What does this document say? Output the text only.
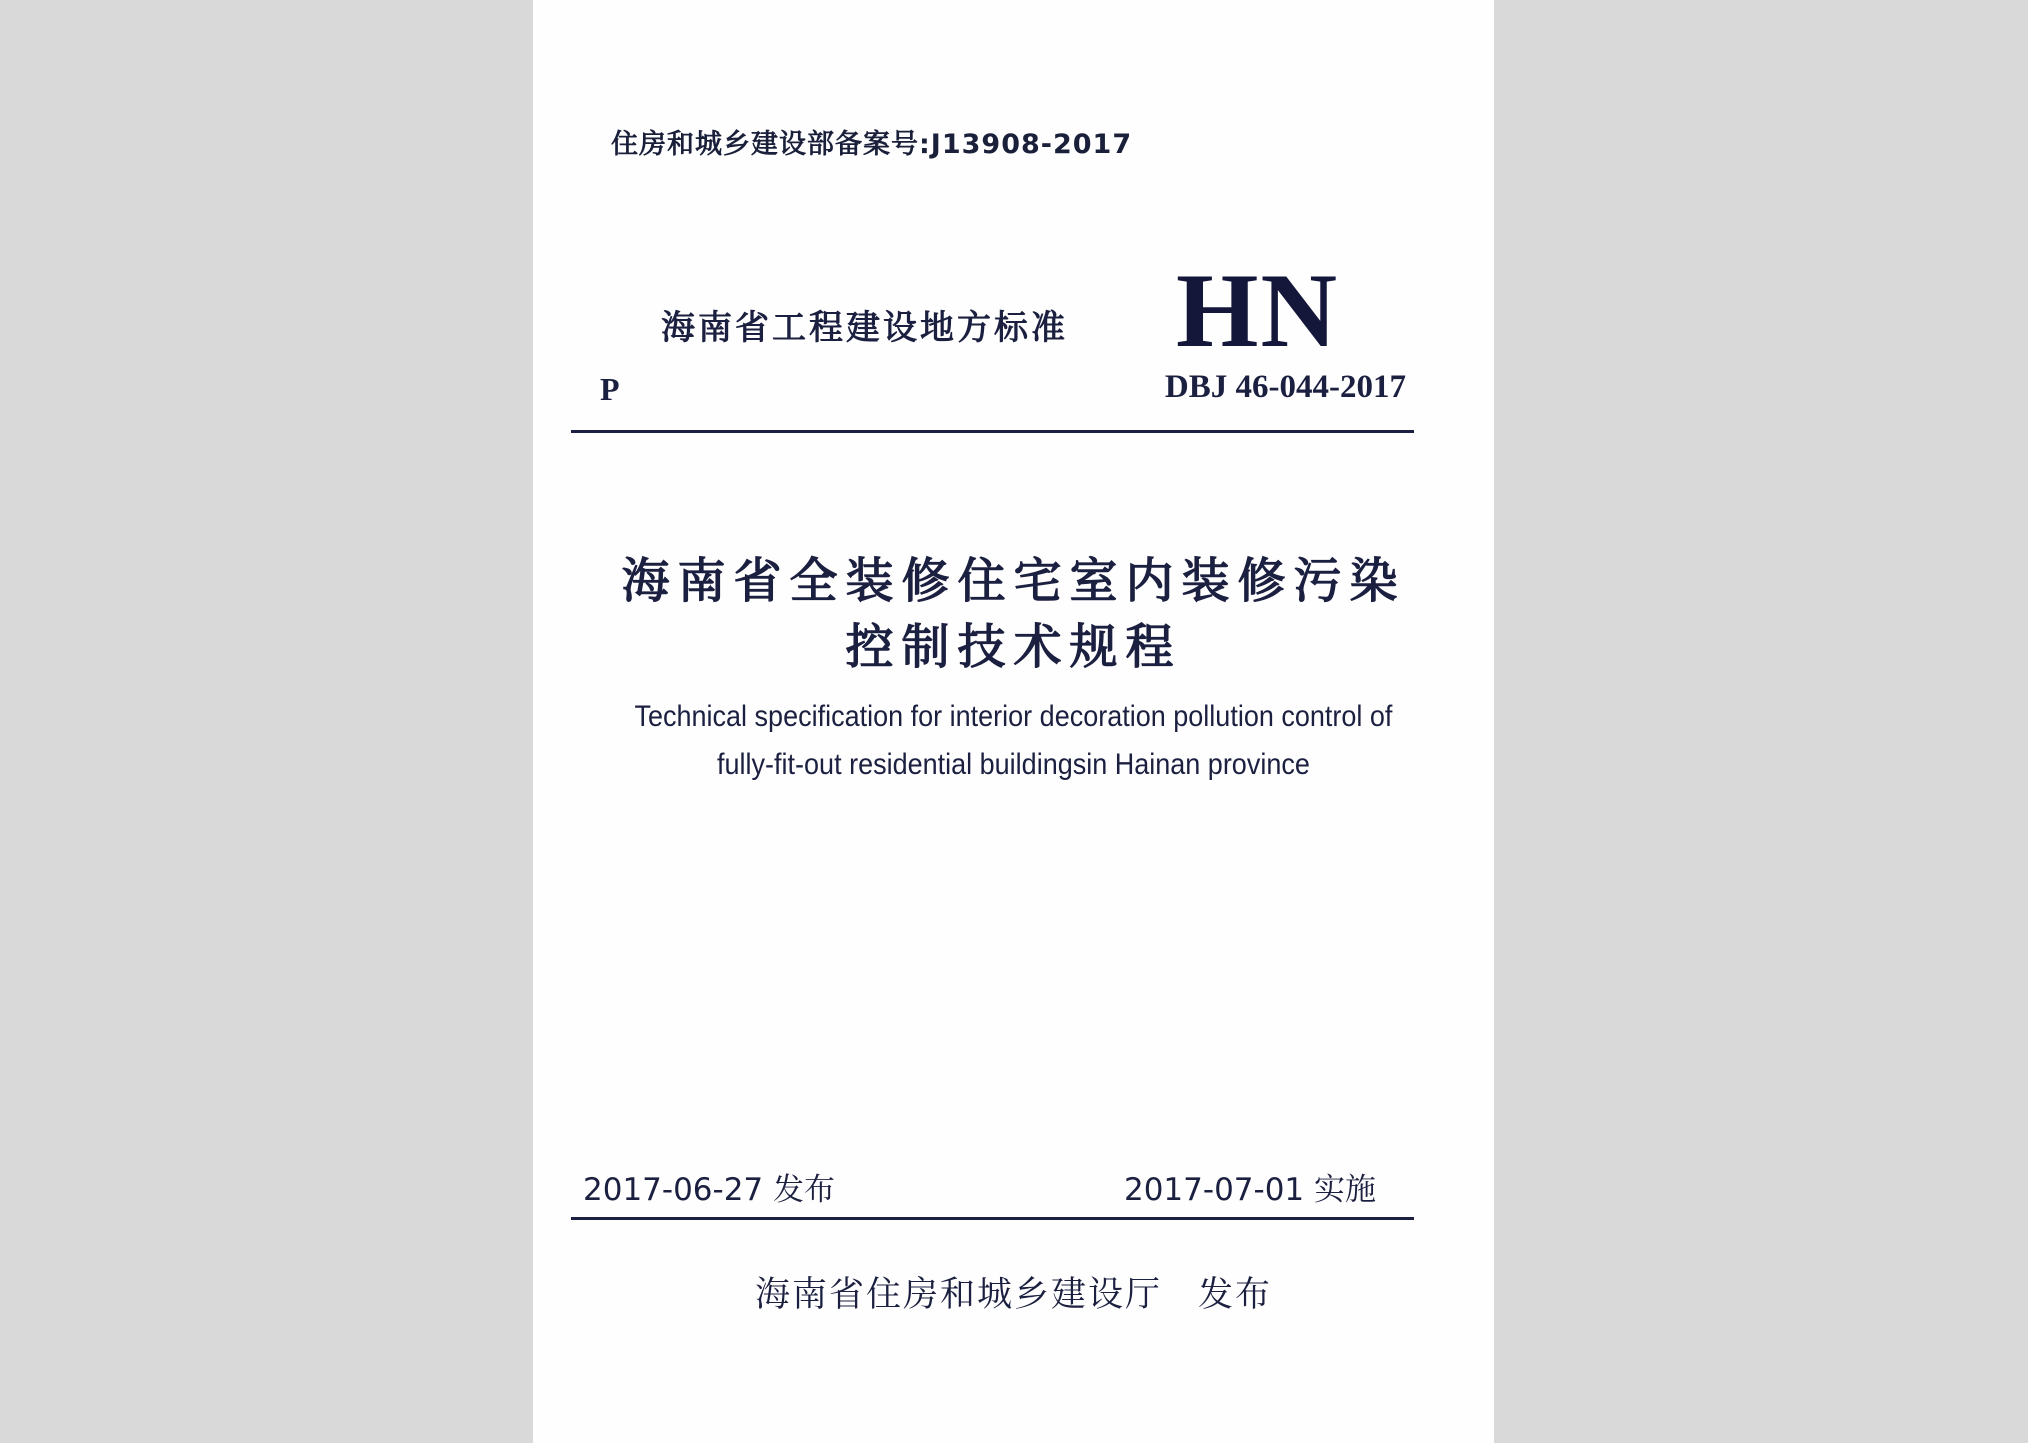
住房和城乡建设部备案号:J13908-2017

海南省工程建设地方标准 HN

P	DBJ 46-044-2017

海南省全装修住宅室内装修污染

控制技术规程

Technical specification for interior decoration pollution control of

fully-fit-out residential buildingsin Hainan province

2017-06-27 发布	2017-07-01 实施

海南省住房和城乡建设厅 发布
